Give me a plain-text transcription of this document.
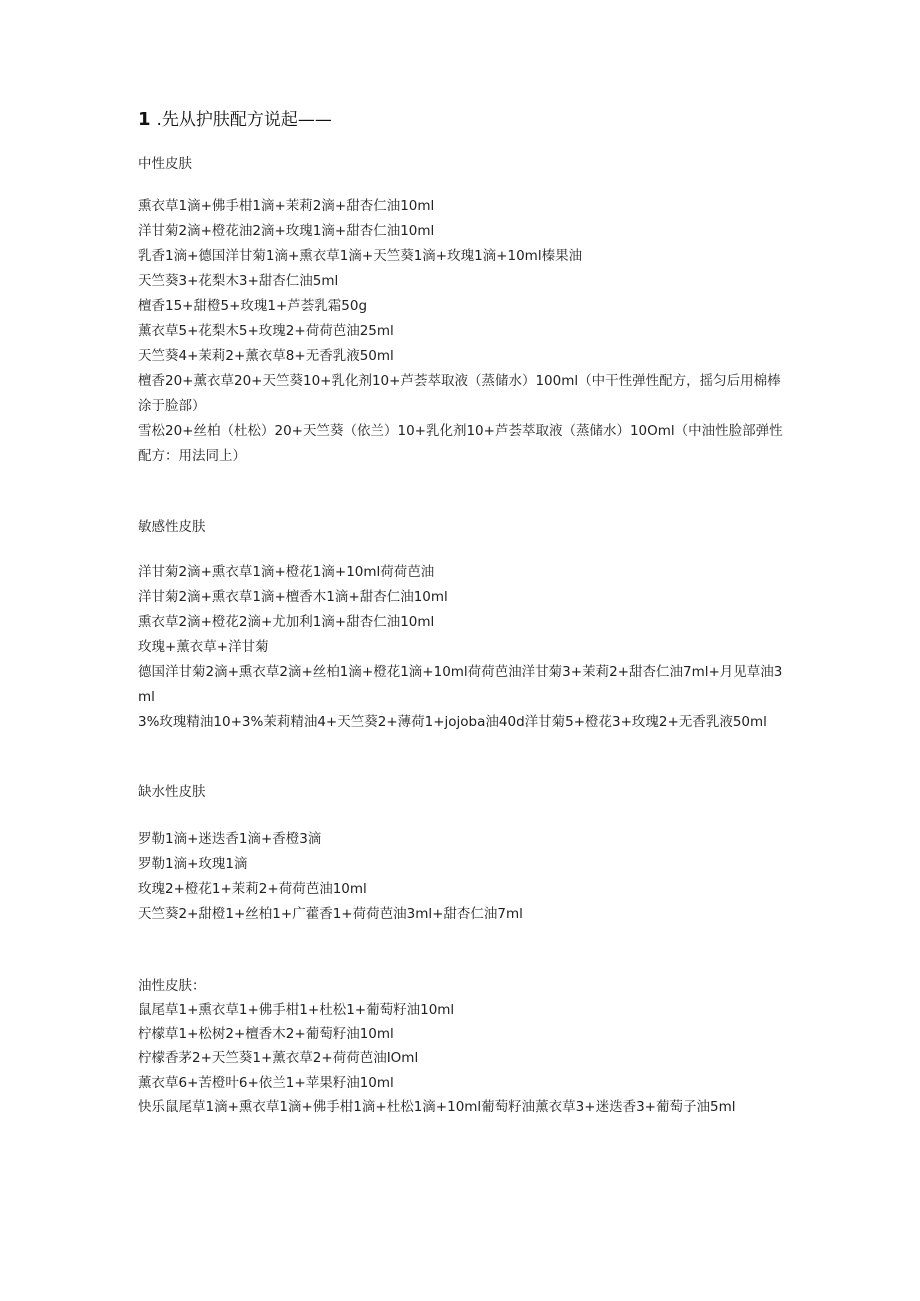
1 .先从护肤配方说起——
中性皮肤
熏衣草1滴+佛手柑1滴+茉莉2滴+甜杏仁油10ml
洋甘菊2滴+橙花油2滴+玫瑰1滴+甜杏仁油10ml
乳香1滴+德国洋甘菊1滴+熏衣草1滴+天竺葵1滴+玫瑰1滴+10ml榛果油
天竺葵3+花梨木3+甜杏仁油5ml
檀香15+甜橙5+玫瑰1+芦荟乳霜50g
薰衣草5+花梨木5+玫瑰2+荷荷芭油25ml
天竺葵4+茉莉2+薰衣草8+无香乳液50ml
檀香20+薰衣草20+天竺葵10+乳化剂10+芦荟萃取液（蒸储水）100ml（中干性弹性配方，摇匀后用棉棒涂于脸部）
雪松20+丝柏（杜松）20+天竺葵（依兰）10+乳化剂10+芦荟萃取液（蒸储水）10Oml（中油性脸部弹性配方：用法同上）
敏感性皮肤
洋甘菊2滴+熏衣草1滴+橙花1滴+10ml荷荷芭油
洋甘菊2滴+熏衣草1滴+檀香木1滴+甜杏仁油10ml
熏衣草2滴+橙花2滴+尤加利1滴+甜杏仁油10ml
玫瑰+薰衣草+洋甘菊
德国洋甘菊2滴+熏衣草2滴+丝柏1滴+橙花1滴+10ml荷荷芭油洋甘菊3+茉莉2+甜杏仁油7ml+月见草油3ml
3%玫瑰精油10+3%茉莉精油4+天竺葵2+薄荷1+jojoba油40d洋甘菊5+橙花3+玫瑰2+无香乳液50ml
缺水性皮肤
罗勒1滴+迷迭香1滴+香橙3滴
罗勒1滴+玫瑰1滴
玫瑰2+橙花1+茉莉2+荷荷芭油10ml
天竺葵2+甜橙1+丝柏1+广藿香1+荷荷芭油3ml+甜杏仁油7ml
油性皮肤：
鼠尾草1+熏衣草1+佛手柑1+杜松1+葡萄籽油10ml
柠檬草1+松树2+檀香木2+葡萄籽油10ml
柠檬香茅2+天竺葵1+薰衣草2+荷荷芭油IOml
薰衣草6+苦橙叶6+依兰1+苹果籽油10ml
快乐鼠尾草1滴+熏衣草1滴+佛手柑1滴+杜松1滴+10ml葡萄籽油薰衣草3+迷迭香3+葡萄子油5ml
